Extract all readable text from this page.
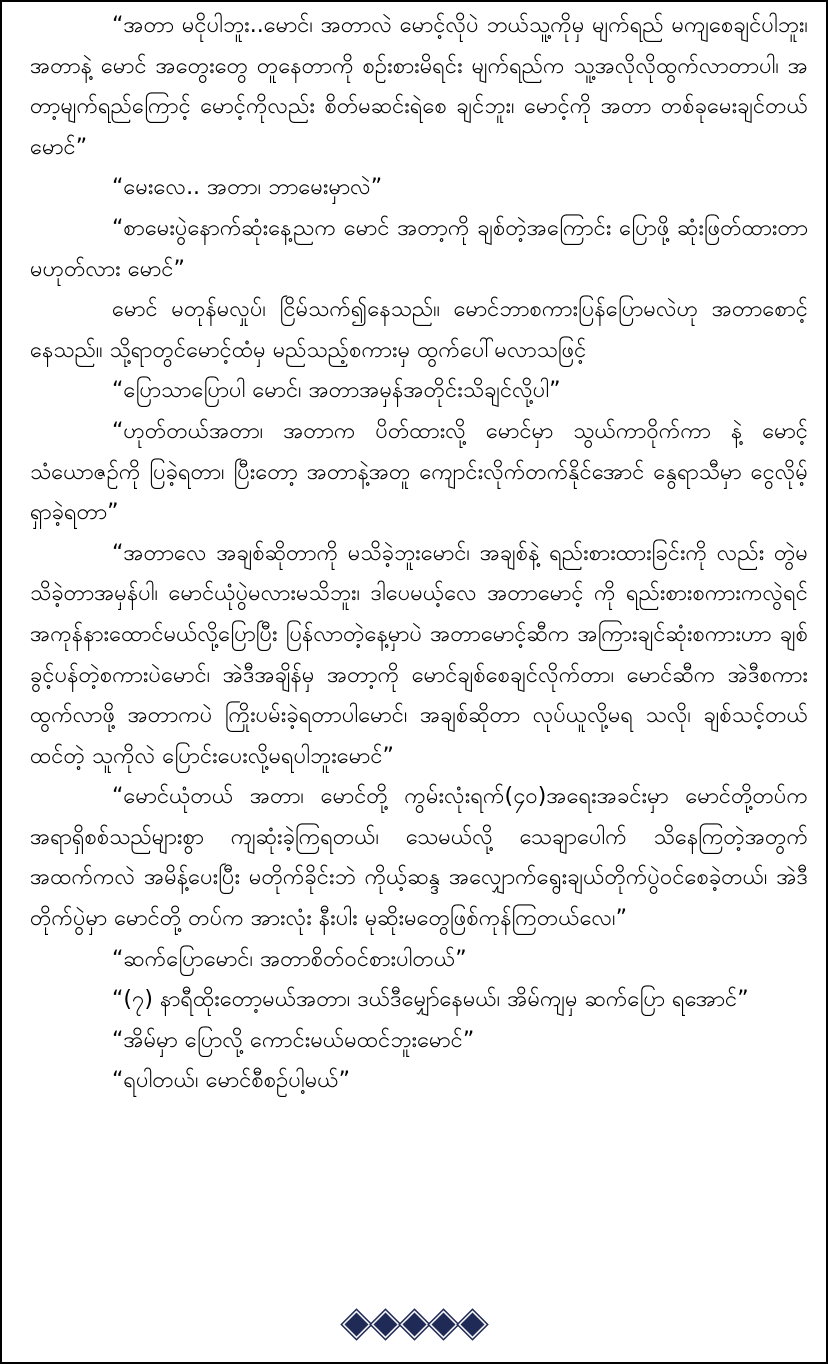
“အတာ မငိုပါဘူး..မောင်၊ အတာလဲ မောင့်လိုပဲ ဘယ်သူ့ကိုမှ မျက်ရည် မကျစေချင်ပါဘူး၊ အတာနဲ့ မောင် အတွေးတွေ တူနေတာကို စဉ်းစားမိရင်း မျက်ရည်က သူ့အလိုလိုထွက်လာတာပါ၊ အတာ့မျက်ရည်ကြောင့် မောင့်ကိုလည်း စိတ်မဆင်းရဲစေ ချင်ဘူး၊ မောင့်ကို အတာ တစ်ခုမေးချင်တယ် မောင်”

“မေးလေ.. အတာ၊ ဘာမေးမှာလဲ”

“စာမေးပွဲနောက်ဆုံးနေ့ညက မောင် အတာ့ကို ချစ်တဲ့အကြောင်း ပြောဖို့ ဆုံးဖြတ်ထားတာမဟုတ်လား မောင်”

မောင် မတုန်မလှုပ်၊ ငြိမ်သက်၍နေသည်။ မောင်ဘာစကားပြန်ပြောမလဲဟု အတာစောင့်နေသည်။ သို့ရာတွင်မောင့်ထံမှ မည်သည့်စကားမှ ထွက်ပေါ်မလာသဖြင့်

“ပြောသာပြောပါ မောင်၊ အတာအမှန်အတိုင်းသိချင်လို့ပါ”

“ဟုတ်တယ်အတာ၊ အတာက ပိတ်ထားလို့ မောင်မှာ သွယ်ကာဝိုက်ကာ နဲ့ မောင့်သံယောဇဉ်ကို ပြခဲ့ရတာ၊ ပြီးတော့ အတာနဲ့အတူ ကျောင်းလိုက်တက်နိုင်အောင် နွေရာသီမှာ ငွေလိုမ့်ရှာခဲ့ရတာ”

“အတာလေ အချစ်ဆိုတာကို မသိခဲ့ဘူးမောင်၊ အချစ်နဲ့ ရည်းစားထားခြင်းကို လည်း တွဲမသိခဲ့တာအမှန်ပါ၊ မောင်ယုံပွဲမလားမသိဘူး၊ ဒါပေမယ့်လေ အတာမောင့် ကို ရည်းစားစကားကလွဲရင် အကုန်နားထောင်မယ်လို့ပြောပြီး ပြန်လာတဲ့နေ့မှာပဲ အတာမောင့်ဆီက အကြားချင်ဆုံးစကားဟာ ချစ်ခွင့်ပန်တဲ့စကားပဲမောင်၊ အဲဒီအချိန်မှ အတာ့ကို မောင်ချစ်စေချင်လိုက်တာ၊ မောင်ဆီက အဲဒီစကားထွက်လာဖို့ အတာကပဲ ကြိုးပမ်းခဲ့ရတာပါမောင်၊ အချစ်ဆိုတာ လုပ်ယူလို့မရ သလို၊ ချစ်သင့်တယ်ထင်တဲ့ သူကိုလဲ ပြောင်းပေးလို့မရပါဘူးမောင်”

“မောင်ယုံတယ် အတာ၊ မောင်တို့ ကွမ်းလုံးရက်(၄၀)အရေးအခင်းမှာ မောင်တို့တပ်က အရာရှိစစ်သည်များစွာ ကျဆုံးခဲ့ကြရတယ်၊ သေမယ်လို့ သေချာပေါက် သိနေကြတဲ့အတွက် အထက်ကလဲ အမိန့်ပေးပြီး မတိုက်ခိုင်းဘဲ ကိုယ့်ဆန္ဒ အလျှောက်ရွေးချယ်တိုက်ပွဲဝင်စေခဲ့တယ်၊ အဲဒီတိုက်ပွဲမှာ မောင်တို့ တပ်က အားလုံး နီးပါး မုဆိုးမတွေဖြစ်ကုန်ကြတယ်လေ၊”

“ဆက်ပြောမောင်၊ အတာစိတ်ဝင်စားပါတယ်”

“(၇) နာရီထိုးတော့မယ်အတာ၊ ဒယ်ဒီမျှော်နေမယ်၊ အိမ်ကျမှ ဆက်ပြော ရအောင်”

“အိမ်မှာ ပြောလို့ ကောင်းမယ်မထင်ဘူးမောင်”

“ရပါတယ်၊ မောင်စီစဉ်ပါ့မယ်”
